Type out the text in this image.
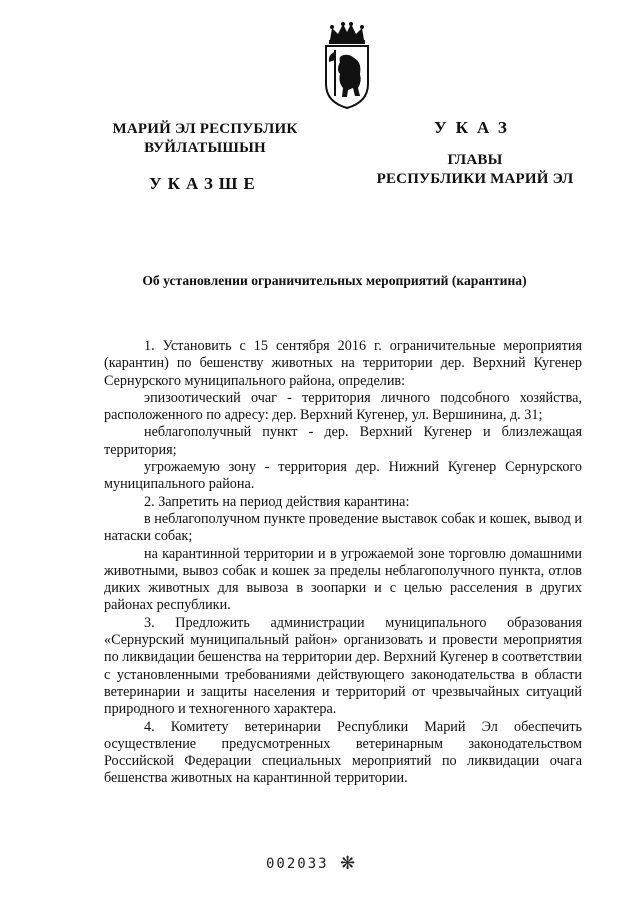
МАРИЙ ЭЛ РЕСПУБЛИК
ВУЙЛАТЫШЫН
УКАЗШЕ
УКАЗ
ГЛАВЫ
РЕСПУБЛИКИ МАРИЙ ЭЛ
Об установлении ограничительных мероприятий (карантина)

1. Установить с 15 сентября 2016 г. ограничительные мероприятия (карантин) по бешенству животных на территории дер. Верхний Кугенер Сернурского муниципального района, определив:

эпизоотический очаг - территория личного подсобного хозяйства, расположенного по адресу: дер. Верхний Кугенер, ул. Вершинина, д. 31;

неблагополучный пункт - дер. Верхний Кугенер и близлежащая территория;

угрожаемую зону - территория дер. Нижний Кугенер Сернурского муниципального района.

2. Запретить на период действия карантина:

в неблагополучном пункте проведение выставок собак и кошек, вывод и натаски собак;

на карантинной территории и в угрожаемой зоне торговлю домашними животными, вывоз собак и кошек за пределы неблагополучного пункта, отлов диких животных для вывоза в зоопарки и с целью расселения в других районах республики.

3. Предложить администрации муниципального образования «Сернурский муниципальный район» организовать и провести мероприятия по ликвидации бешенства на территории дер. Верхний Кугенер в соответствии с установленными требованиями действующего законодательства в области ветеринарии и защиты населения и территорий от чрезвычайных ситуаций природного и техногенного характера.

4. Комитету ветеринарии Республики Марий Эл обеспечить осуществление предусмотренных ветеринарным законодательством Российской Федерации специальных мероприятий по ликвидации очага бешенства животных на карантинной территории.

002033 ❋
